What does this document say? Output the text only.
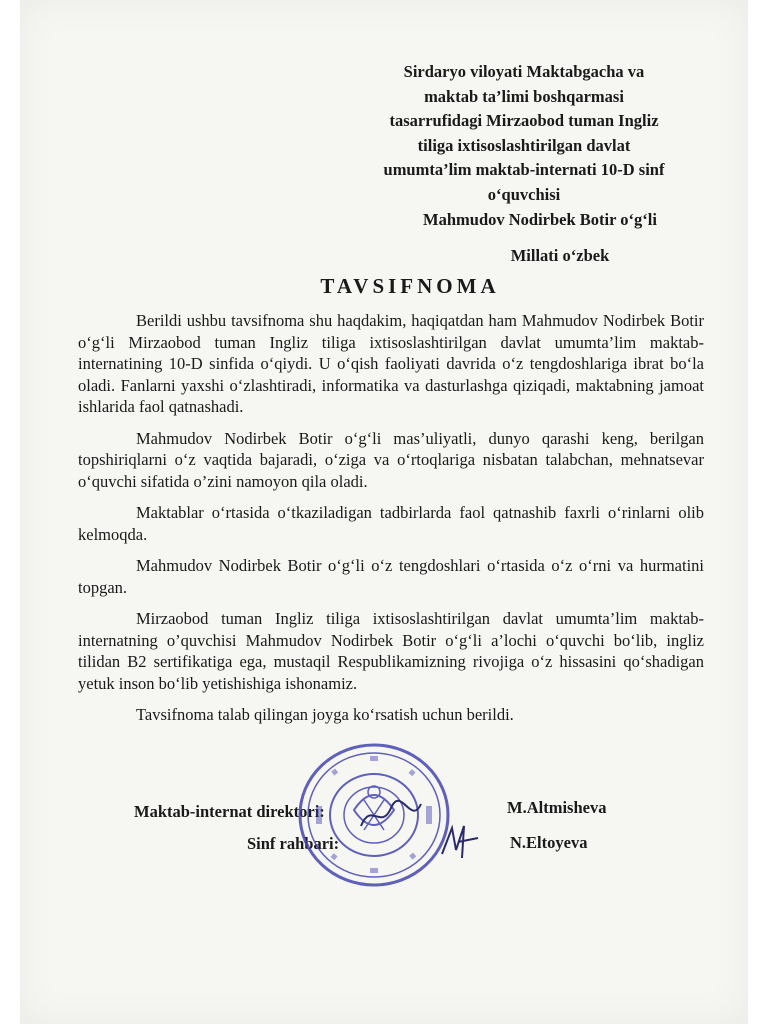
Sirdaryo viloyati Maktabgacha va
maktab ta’limi boshqarmasi
tasarrufidagi Mirzaobod tuman Ingliz
tiliga ixtisoslashtirilgan davlat
umumta’lim maktab-internati 10-D sinf
o‘quvchisi
Mahmudov Nodirbek Botir o‘g‘li
Millati o‘zbek
TAVSIFNOMA

Berildi ushbu tavsifnoma shu haqdakim, haqiqatdan ham Mahmudov Nodirbek Botir o‘g‘li Mirzaobod tuman Ingliz tiliga ixtisoslashtirilgan davlat umumta’lim maktab-internatining 10-D sinfida o‘qiydi. U o‘qish faoliyati davrida o‘z tengdoshlariga ibrat bo‘la oladi. Fanlarni yaxshi o‘zlashtiradi, informatika va dasturlashga qiziqadi, maktabning jamoat ishlarida faol qatnashadi.

Mahmudov Nodirbek Botir o‘g‘li mas’uliyatli, dunyo qarashi keng, berilgan topshiriqlarni o‘z vaqtida bajaradi, o‘ziga va o‘rtoqlariga nisbatan talabchan, mehnatsevar o‘quvchi sifatida o’zini namoyon qila oladi.

Maktablar o‘rtasida o‘tkaziladigan tadbirlarda faol qatnashib faxrli o‘rinlarni olib kelmoqda.

Mahmudov Nodirbek Botir o‘g‘li o‘z tengdoshlari o‘rtasida o‘z o‘rni va hurmatini topgan.

Mirzaobod tuman Ingliz tiliga ixtisoslashtirilgan davlat umumta’lim maktab-internatning o’quvchisi Mahmudov Nodirbek Botir o‘g‘li a’lochi o‘quvchi bo‘lib, ingliz tilidan B2 sertifikatiga ega, mustaqil Respublikamizning rivojiga o‘z hissasini qo‘shadigan yetuk inson bo‘lib yetishishiga ishonamiz.

Tavsifnoma talab qilingan joyga ko‘rsatish uchun berildi.

Maktab-internat direktori:	M.Altmisheva
Sinf rahbari:	N.Eltoyeva
